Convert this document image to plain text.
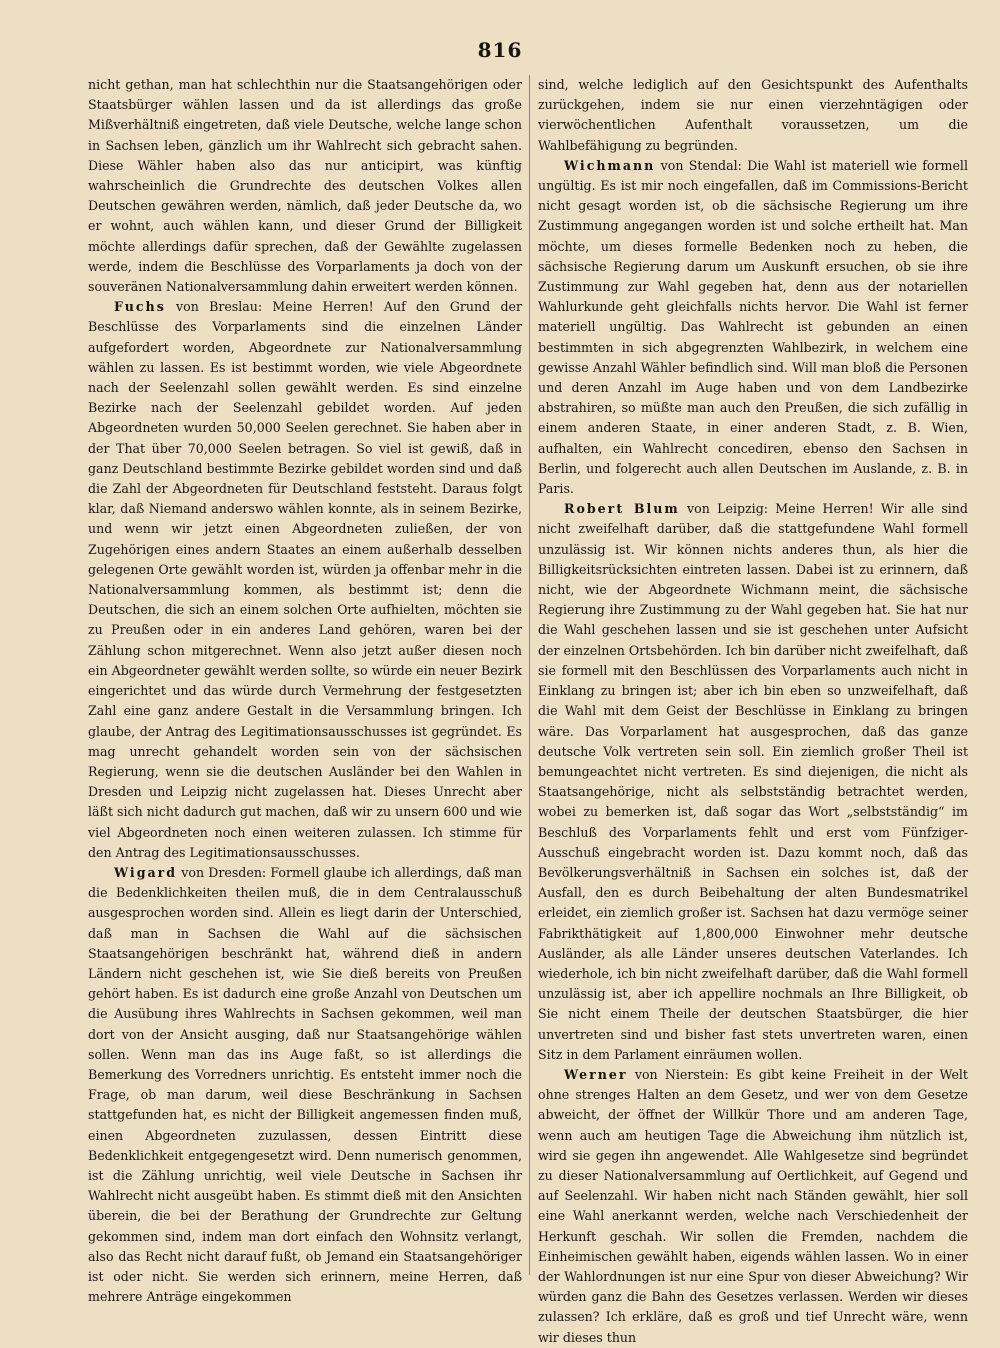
816

nicht gethan, man hat schlechthin nur die Staatsangehörigen oder Staatsbürger wählen lassen und da ist allerdings das große Mißverhältniß eingetreten, daß viele Deutsche, welche lange schon in Sachsen leben, gänzlich um ihr Wahlrecht sich gebracht sahen. Diese Wähler haben also das nur anticipirt, was künftig wahrscheinlich die Grundrechte des deutschen Volkes allen Deutschen gewähren werden, nämlich, daß jeder Deutsche da, wo er wohnt, auch wählen kann, und dieser Grund der Billigkeit möchte allerdings dafür sprechen, daß der Gewählte zugelassen werde, indem die Beschlüsse des Vorparlaments ja doch von der souveränen Nationalversammlung dahin erweitert werden können.

Fuchs von Breslau: Meine Herren! Auf den Grund der Beschlüsse des Vorparlaments sind die einzelnen Länder aufgefordert worden, Abgeordnete zur Nationalversammlung wählen zu lassen. Es ist bestimmt worden, wie viele Abgeordnete nach der Seelenzahl sollen gewählt werden. Es sind einzelne Bezirke nach der Seelenzahl gebildet worden. Auf jeden Abgeordneten wurden 50,000 Seelen gerechnet. Sie haben aber in der That über 70,000 Seelen betragen. So viel ist gewiß, daß in ganz Deutschland bestimmte Bezirke gebildet worden sind und daß die Zahl der Abgeordneten für Deutschland feststeht. Daraus folgt klar, daß Niemand anderswo wählen konnte, als in seinem Bezirke, und wenn wir jetzt einen Abgeordneten zuließen, der von Zugehörigen eines andern Staates an einem außerhalb desselben gelegenen Orte gewählt worden ist, würden ja offenbar mehr in die Nationalversammlung kommen, als bestimmt ist; denn die Deutschen, die sich an einem solchen Orte aufhielten, möchten sie zu Preußen oder in ein anderes Land gehören, waren bei der Zählung schon mitgerechnet. Wenn also jetzt außer diesen noch ein Abgeordneter gewählt werden sollte, so würde ein neuer Bezirk eingerichtet und das würde durch Vermehrung der festgesetzten Zahl eine ganz andere Gestalt in die Versammlung bringen. Ich glaube, der Antrag des Legitimationsausschusses ist gegründet. Es mag unrecht gehandelt worden sein von der sächsischen Regierung, wenn sie die deutschen Ausländer bei den Wahlen in Dresden und Leipzig nicht zugelassen hat. Dieses Unrecht aber läßt sich nicht dadurch gut machen, daß wir zu unsern 600 und wie viel Abgeordneten noch einen weiteren zulassen. Ich stimme für den Antrag des Legitimationsausschusses.

Wigard von Dresden: Formell glaube ich allerdings, daß man die Bedenklichkeiten theilen muß, die in dem Centralausschuß ausgesprochen worden sind. Allein es liegt darin der Unterschied, daß man in Sachsen die Wahl auf die sächsischen Staatsangehörigen beschränkt hat, während dieß in andern Ländern nicht geschehen ist, wie Sie dieß bereits von Preußen gehört haben. Es ist dadurch eine große Anzahl von Deutschen um die Ausübung ihres Wahlrechts in Sachsen gekommen, weil man dort von der Ansicht ausging, daß nur Staatsangehörige wählen sollen. Wenn man das ins Auge faßt, so ist allerdings die Bemerkung des Vorredners unrichtig. Es entsteht immer noch die Frage, ob man darum, weil diese Beschränkung in Sachsen stattgefunden hat, es nicht der Billigkeit angemessen finden muß, einen Abgeordneten zuzulassen, dessen Eintritt diese Bedenklichkeit entgegengesetzt wird. Denn numerisch genommen, ist die Zählung unrichtig, weil viele Deutsche in Sachsen ihr Wahlrecht nicht ausgeübt haben. Es stimmt dieß mit den Ansichten überein, die bei der Berathung der Grundrechte zur Geltung gekommen sind, indem man dort einfach den Wohnsitz verlangt, also das Recht nicht darauf fußt, ob Jemand ein Staatsangehöriger ist oder nicht. Sie werden sich erinnern, meine Herren, daß mehrere Anträge eingekommen

sind, welche lediglich auf den Gesichtspunkt des Aufenthalts zurückgehen, indem sie nur einen vierzehntägigen oder vierwöchentlichen Aufenthalt voraussetzen, um die Wahlbefähigung zu begründen.

Wichmann von Stendal: Die Wahl ist materiell wie formell ungültig. Es ist mir noch eingefallen, daß im Commissions-Bericht nicht gesagt worden ist, ob die sächsische Regierung um ihre Zustimmung angegangen worden ist und solche ertheilt hat. Man möchte, um dieses formelle Bedenken noch zu heben, die sächsische Regierung darum um Auskunft ersuchen, ob sie ihre Zustimmung zur Wahl gegeben hat, denn aus der notariellen Wahlurkunde geht gleichfalls nichts hervor. Die Wahl ist ferner materiell ungültig. Das Wahlrecht ist gebunden an einen bestimmten in sich abgegrenzten Wahlbezirk, in welchem eine gewisse Anzahl Wähler befindlich sind. Will man bloß die Personen und deren Anzahl im Auge haben und von dem Landbezirke abstrahiren, so müßte man auch den Preußen, die sich zufällig in einem anderen Staate, in einer anderen Stadt, z. B. Wien, aufhalten, ein Wahlrecht concediren, ebenso den Sachsen in Berlin, und folgerecht auch allen Deutschen im Auslande, z. B. in Paris.

Robert Blum von Leipzig: Meine Herren! Wir alle sind nicht zweifelhaft darüber, daß die stattgefundene Wahl formell unzulässig ist. Wir können nichts anderes thun, als hier die Billigkeitsrücksichten eintreten lassen. Dabei ist zu erinnern, daß nicht, wie der Abgeordnete Wichmann meint, die sächsische Regierung ihre Zustimmung zu der Wahl gegeben hat. Sie hat nur die Wahl geschehen lassen und sie ist geschehen unter Aufsicht der einzelnen Ortsbehörden. Ich bin darüber nicht zweifelhaft, daß sie formell mit den Beschlüssen des Vorparlaments auch nicht in Einklang zu bringen ist; aber ich bin eben so unzweifelhaft, daß die Wahl mit dem Geist der Beschlüsse in Einklang zu bringen wäre. Das Vorparlament hat ausgesprochen, daß das ganze deutsche Volk vertreten sein soll. Ein ziemlich großer Theil ist bemungeachtet nicht vertreten. Es sind diejenigen, die nicht als Staatsangehörige, nicht als selbstständig betrachtet werden, wobei zu bemerken ist, daß sogar das Wort „selbstständig“ im Beschluß des Vorparlaments fehlt und erst vom Fünfziger-Ausschuß eingebracht worden ist. Dazu kommt noch, daß das Bevölkerungsverhältniß in Sachsen ein solches ist, daß der Ausfall, den es durch Beibehaltung der alten Bundesmatrikel erleidet, ein ziemlich großer ist. Sachsen hat dazu vermöge seiner Fabrikthätigkeit auf 1,800,000 Einwohner mehr deutsche Ausländer, als alle Länder unseres deutschen Vaterlandes. Ich wiederhole, ich bin nicht zweifelhaft darüber, daß die Wahl formell unzulässig ist, aber ich appellire nochmals an Ihre Billigkeit, ob Sie nicht einem Theile der deutschen Staatsbürger, die hier unvertreten sind und bisher fast stets unvertreten waren, einen Sitz in dem Parlament einräumen wollen.

Werner von Nierstein: Es gibt keine Freiheit in der Welt ohne strenges Halten an dem Gesetz, und wer von dem Gesetze abweicht, der öffnet der Willkür Thore und am anderen Tage, wenn auch am heutigen Tage die Abweichung ihm nützlich ist, wird sie gegen ihn angewendet. Alle Wahlgesetze sind begründet zu dieser Nationalversammlung auf Oertlichkeit, auf Gegend und auf Seelenzahl. Wir haben nicht nach Ständen gewählt, hier soll eine Wahl anerkannt werden, welche nach Verschiedenheit der Herkunft geschah. Wir sollen die Fremden, nachdem die Einheimischen gewählt haben, eigends wählen lassen. Wo in einer der Wahlordnungen ist nur eine Spur von dieser Abweichung? Wir würden ganz die Bahn des Gesetzes verlassen. Werden wir dieses zulassen? Ich erkläre, daß es groß und tief Unrecht wäre, wenn wir dieses thun
